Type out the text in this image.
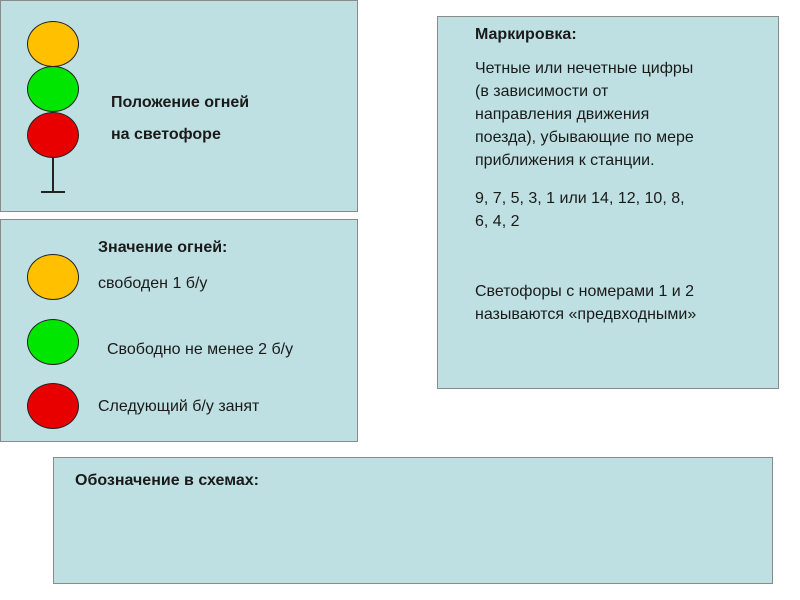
Положение огней
на светофоре
Значение огней:
свободен 1 б/у
Свободно не менее 2 б/у
Следующий б/у занят
Маркировка:
Четные или нечетные цифры
(в зависимости от
направления движения
поезда), убывающие по мере
приближения к станции.
9, 7, 5, 3, 1 или 14, 12, 10, 8,
6, 4, 2
Светофоры с номерами 1 и 2
называются «предвходными»
Обозначение в схемах:
